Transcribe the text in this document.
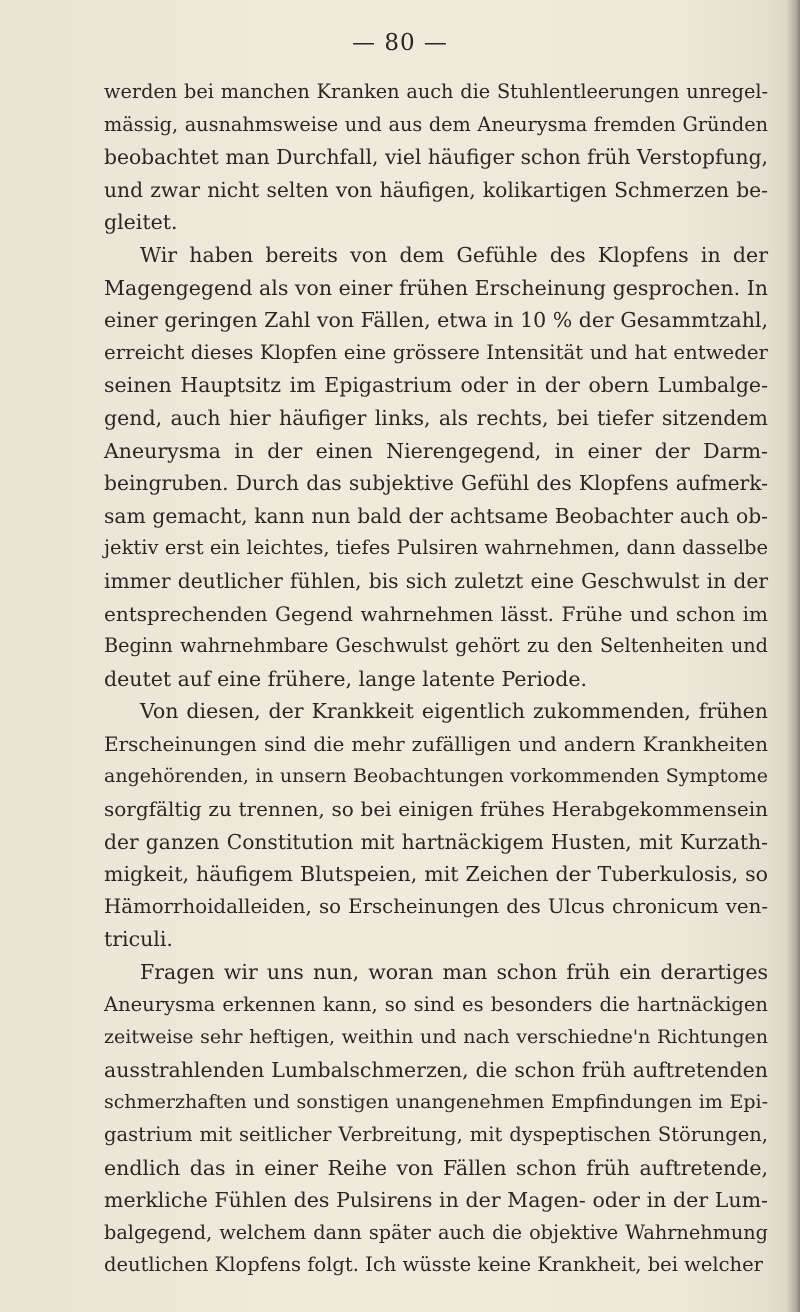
— 80 —
werden bei manchen Kranken auch die Stuhlentleerungen unregel-
mässig, ausnahmsweise und aus dem Aneurysma fremden Gründen
beobachtet man Durchfall, viel häufiger schon früh Verstopfung,
und zwar nicht selten von häufigen, kolikartigen Schmerzen be-
gleitet.
Wir haben bereits von dem Gefühle des Klopfens in der
Magengegend als von einer frühen Erscheinung gesprochen. In
einer geringen Zahl von Fällen, etwa in 10 % der Gesammtzahl,
erreicht dieses Klopfen eine grössere Intensität und hat entweder
seinen Hauptsitz im Epigastrium oder in der obern Lumbalge-
gend, auch hier häufiger links, als rechts, bei tiefer sitzendem
Aneurysma in der einen Nierengegend, in einer der Darm-
beingruben. Durch das subjektive Gefühl des Klopfens aufmerk-
sam gemacht, kann nun bald der achtsame Beobachter auch ob-
jektiv erst ein leichtes, tiefes Pulsiren wahrnehmen, dann dasselbe
immer deutlicher fühlen, bis sich zuletzt eine Geschwulst in der
entsprechenden Gegend wahrnehmen lässt. Frühe und schon im
Beginn wahrnehmbare Geschwulst gehört zu den Seltenheiten und
deutet auf eine frühere, lange latente Periode.
Von diesen, der Krankkeit eigentlich zukommenden, frühen
Erscheinungen sind die mehr zufälligen und andern Krankheiten
angehörenden, in unsern Beobachtungen vorkommenden Symptome
sorgfältig zu trennen, so bei einigen frühes Herabgekommensein
der ganzen Constitution mit hartnäckigem Husten, mit Kurzath-
migkeit, häufigem Blutspeien, mit Zeichen der Tuberkulosis, so
Hämorrhoidalleiden, so Erscheinungen des Ulcus chronicum ven-
triculi.
Fragen wir uns nun, woran man schon früh ein derartiges
Aneurysma erkennen kann, so sind es besonders die hartnäckigen
zeitweise sehr heftigen, weithin und nach verschiedne'n Richtungen
ausstrahlenden Lumbalschmerzen, die schon früh auftretenden
schmerzhaften und sonstigen unangenehmen Empfindungen im Epi-
gastrium mit seitlicher Verbreitung, mit dyspeptischen Störungen,
endlich das in einer Reihe von Fällen schon früh auftretende,
merkliche Fühlen des Pulsirens in der Magen- oder in der Lum-
balgegend, welchem dann später auch die objektive Wahrnehmung
deutlichen Klopfens folgt. Ich wüsste keine Krankheit, bei welcher
